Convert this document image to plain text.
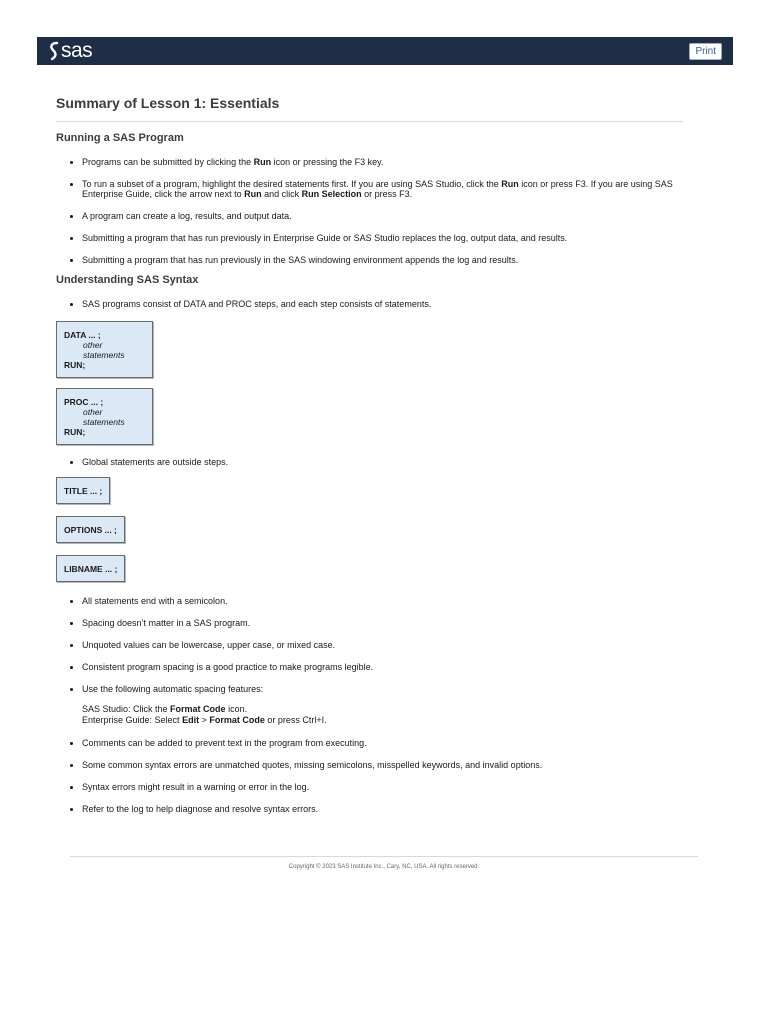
sas	Print
Summary of Lesson 1: Essentials
Running a SAS Program
• Programs can be submitted by clicking the Run icon or pressing the F3 key.
• To run a subset of a program, highlight the desired statements first. If you are using SAS Studio, click the Run icon or press F3. If you are using SAS Enterprise Guide, click the arrow next to Run and click Run Selection or press F3.
• A program can create a log, results, and output data.
• Submitting a program that has run previously in Enterprise Guide or SAS Studio replaces the log, output data, and results.
• Submitting a program that has run previously in the SAS windowing environment appends the log and results.
Understanding SAS Syntax
• SAS programs consist of DATA and PROC steps, and each step consists of statements.
DATA ... ;
other statements
RUN;
PROC ... ;
other statements
RUN;
• Global statements are outside steps.
TITLE ... ;
OPTIONS ... ;
LIBNAME ... ;
• All statements end with a semicolon.
• Spacing doesn’t matter in a SAS program.
• Unquoted values can be lowercase, upper case, or mixed case.
• Consistent program spacing is a good practice to make programs legible.
• Use the following automatic spacing features:
SAS Studio: Click the Format Code icon.
Enterprise Guide: Select Edit > Format Code or press Ctrl+I.
• Comments can be added to prevent text in the program from executing.
• Some common syntax errors are unmatched quotes, missing semicolons, misspelled keywords, and invalid options.
• Syntax errors might result in a warning or error in the log.
• Refer to the log to help diagnose and resolve syntax errors.
Copyright © 2023 SAS Institute Inc., Cary, NC, USA. All rights reserved.
